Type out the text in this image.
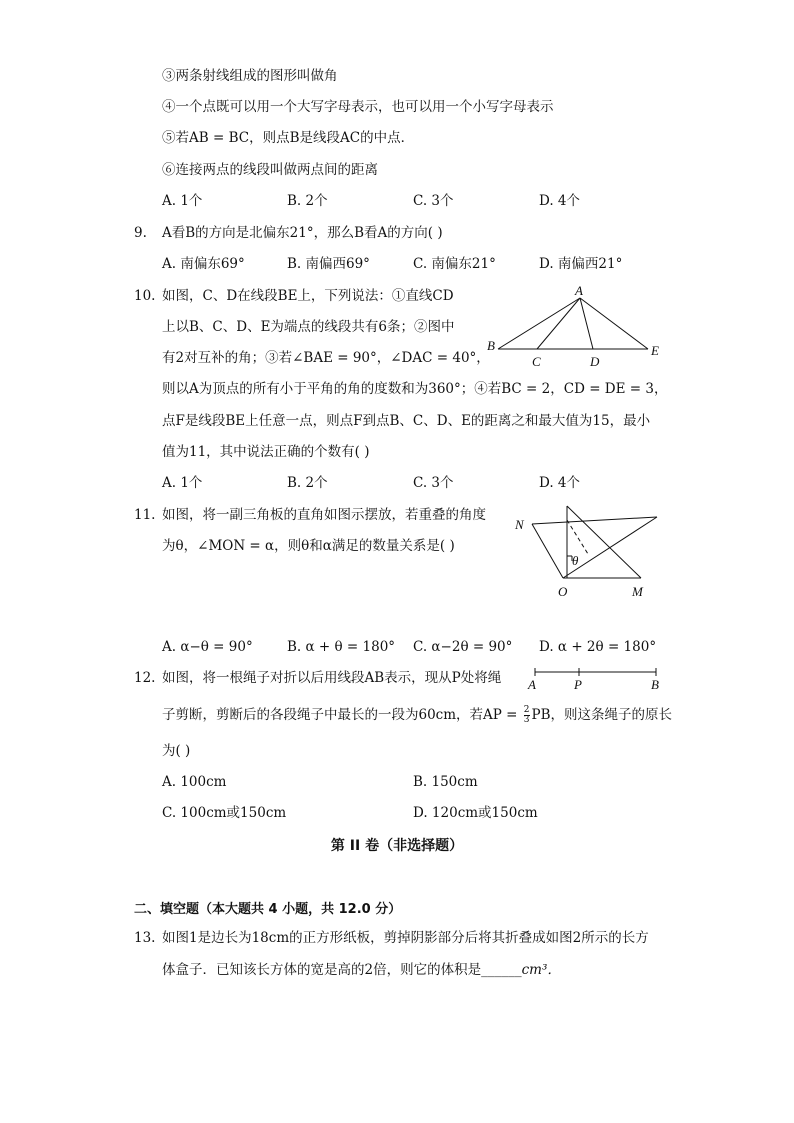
③两条射线组成的图形叫做角
④一个点既可以用一个大写字母表示，也可以用一个小写字母表示
⑤若AB = BC，则点B是线段AC的中点．
⑥连接两点的线段叫做两点间的距离
A. 1个	B. 2个	C. 3个	D. 4个
9. A看B的方向是北偏东21°，那么B看A的方向( )
A. 南偏东69°	B. 南偏西69°	C. 南偏东21°	D. 南偏西21°
10. 如图，C、D在线段BE上，下列说法：①直线CD
上以B、C、D、E为端点的线段共有6条；②图中
有2对互补的角；③若∠BAE = 90°，∠DAC = 40°，
则以A为顶点的所有小于平角的角的度数和为360°；④若BC = 2，CD = DE = 3，
点F是线段BE上任意一点，则点F到点B、C、D、E的距离之和最大值为15，最小
值为11，其中说法正确的个数有( )
A. 1个	B. 2个	C. 3个	D. 4个
A
B
C	D
E
11. 如图，将一副三角板的直角如图示摆放，若重叠的角度
为θ，∠MON = α，则θ和α满足的数量关系是( )
A. α−θ = 90°	B. α + θ = 180° C. α−2θ = 90° D. α + 2θ = 180°
N
O	M
θ
12. 如图，将一根绳子对折以后用线段AB表示，现从P处将绳
子剪断，剪断后的各段绳子中最长的一段为60cm，若AP = $\frac{2}{3}$ PB，则这条绳子的原长
为( )
A. 100cm	B. 150cm
C. 100cm或150cm	D. 120cm或150cm
A	P	B
第 II 卷（非选择题）
二、填空题（本大题共 4 小题，共 12.0 分）
13. 如图1是边长为18cm的正方形纸板，剪掉阴影部分后将其折叠成如图2所示的长方
体盒子．已知该长方体的宽是高的2倍，则它的体积是______cm³．
